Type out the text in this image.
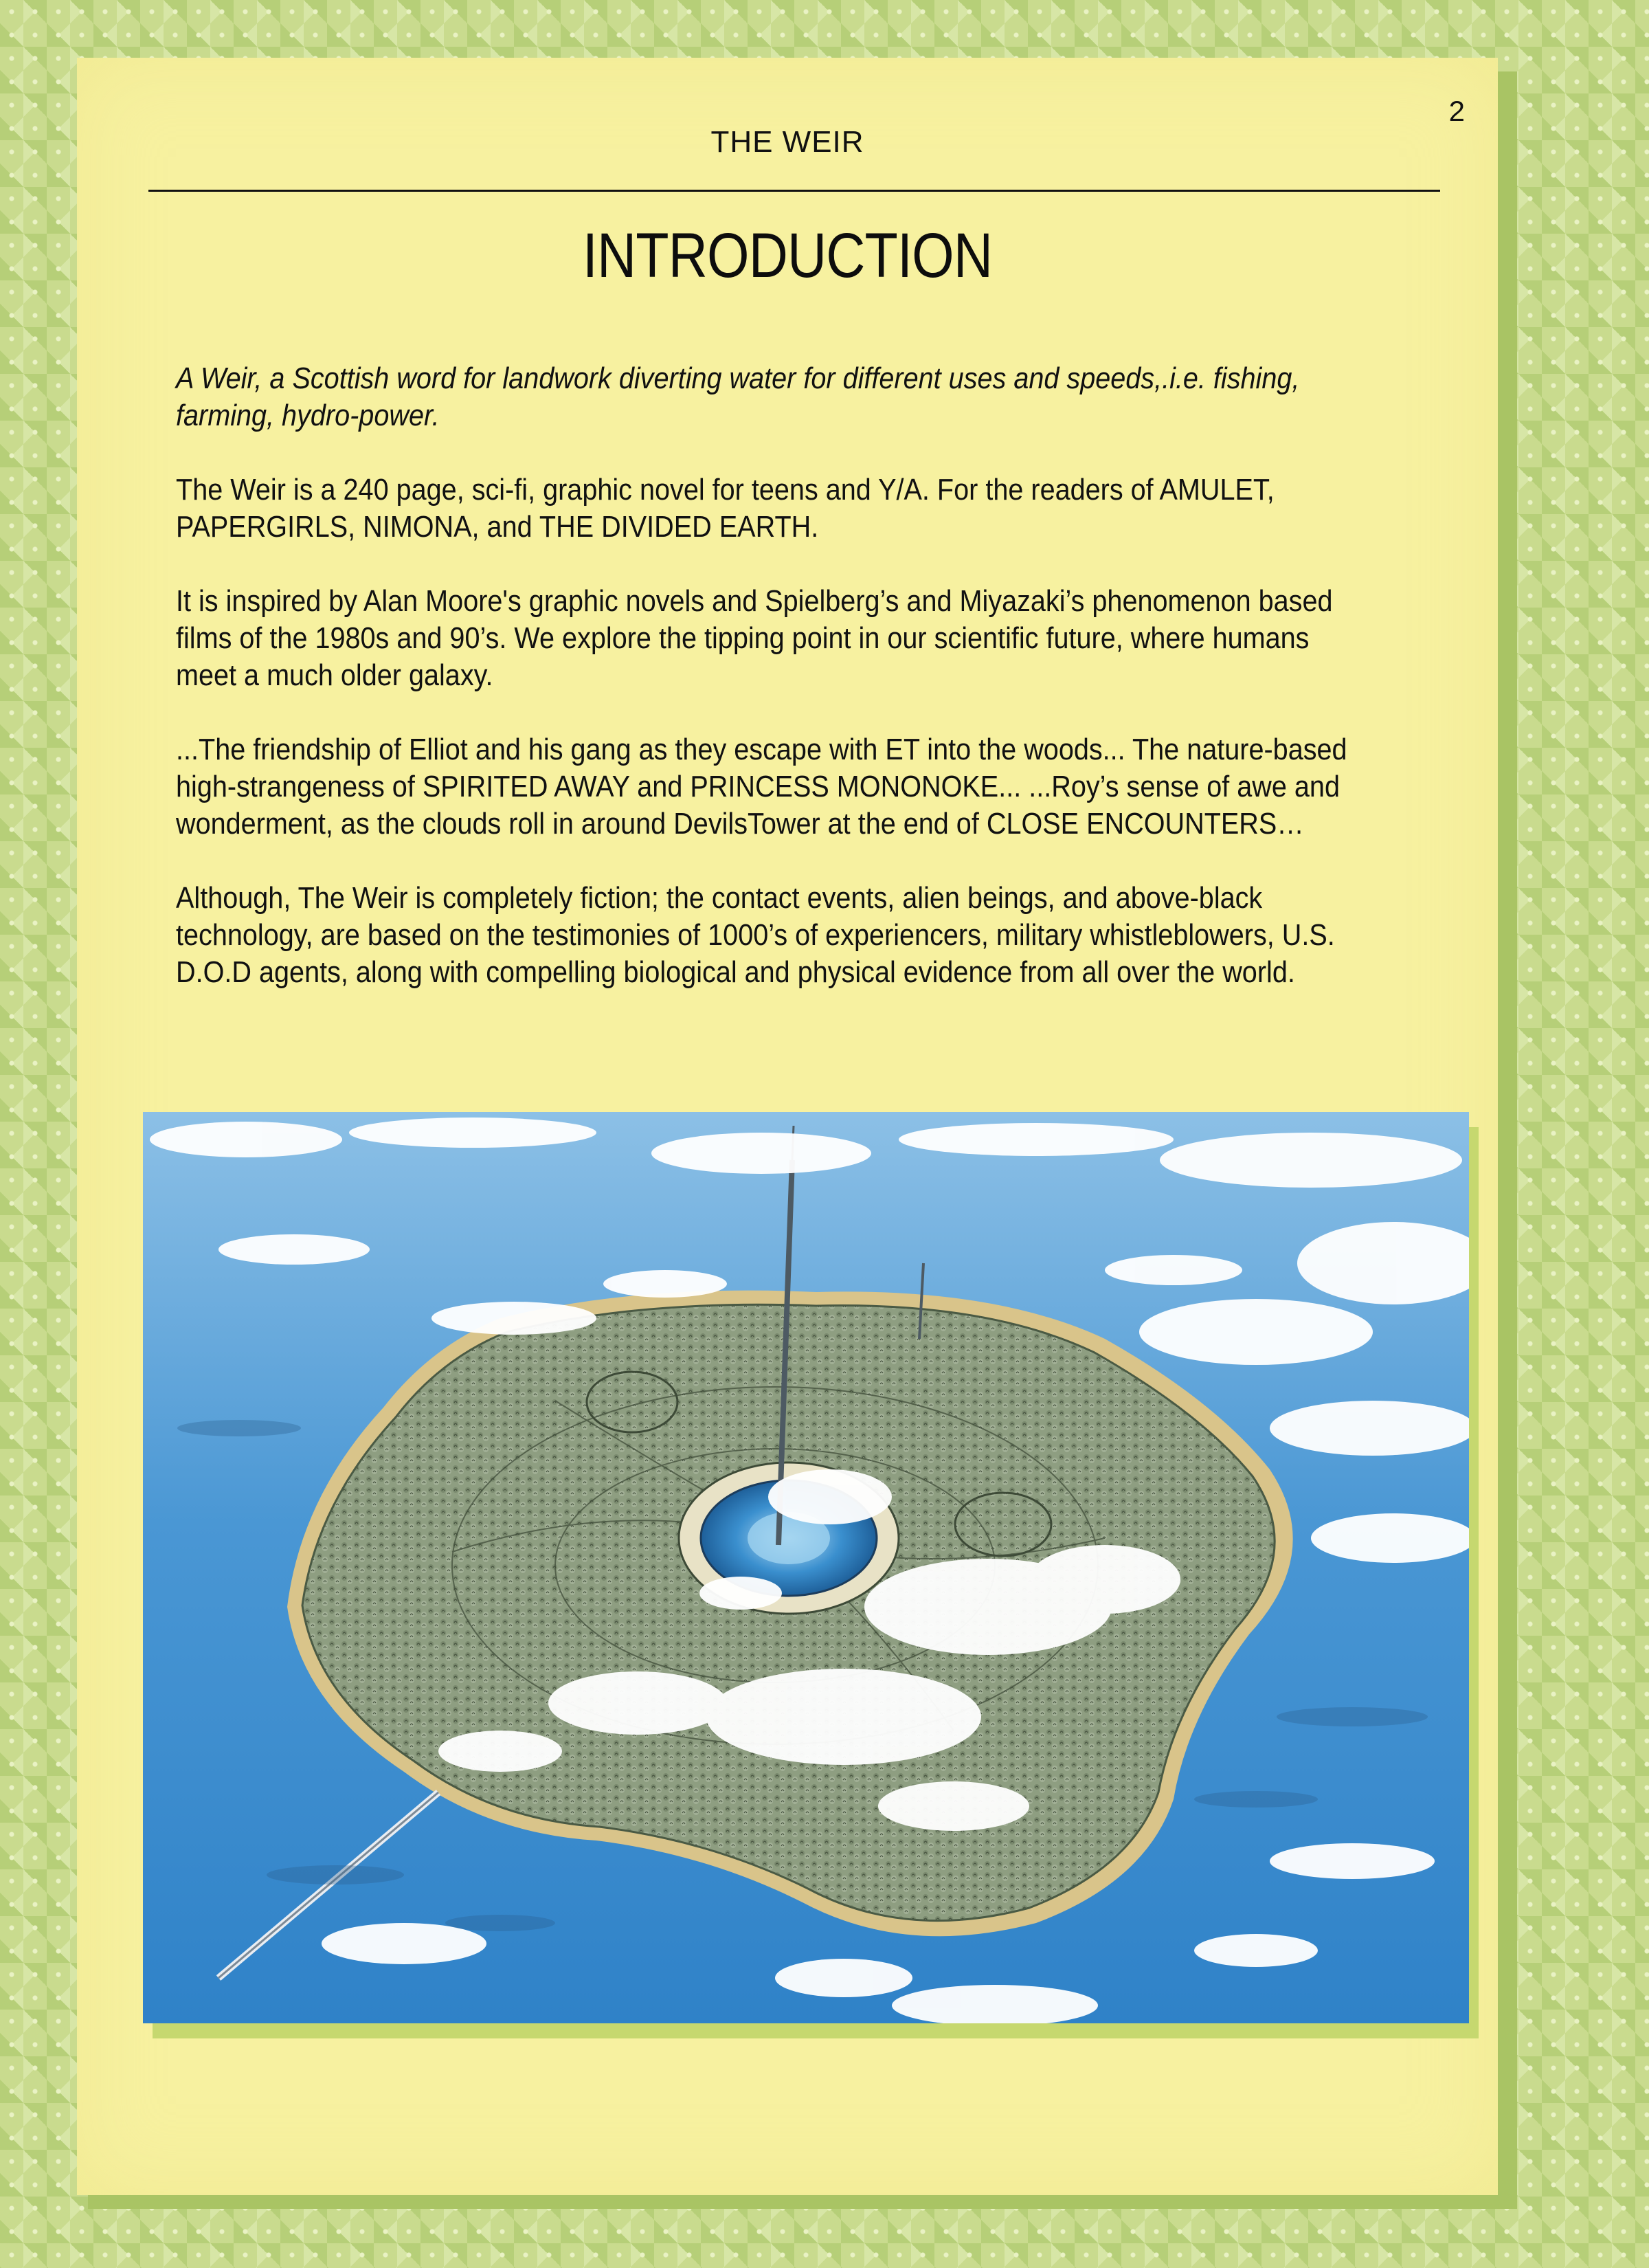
2
THE WEIR
INTRODUCTION

A Weir, a Scottish word for landwork diverting water for different uses and speeds,.i.e. fishing, farming, hydro-power.

The Weir is a 240 page, sci-fi, graphic novel for teens and Y/A. For the readers of AMULET, PAPERGIRLS, NIMONA, and THE DIVIDED EARTH.

It is inspired by Alan Moore's graphic novels and Spielberg’s and Miyazaki’s phenomenon based films of the 1980s and 90’s. We explore the tipping point in our scientific future, where humans meet a much older galaxy.

...The friendship of Elliot and his gang as they escape with ET into the woods... The nature-based high-strangeness of SPIRITED AWAY and PRINCESS MONONOKE... ...Roy’s sense of awe and wonderment, as the clouds roll in around DevilsTower at the end of CLOSE ENCOUNTERS…

Although, The Weir is completely fiction; the contact events, alien beings, and above-black technology, are based on the testimonies of 1000’s of experiencers, military whistleblowers, U.S. D.O.D agents, along with compelling biological and physical evidence from all over the world.
